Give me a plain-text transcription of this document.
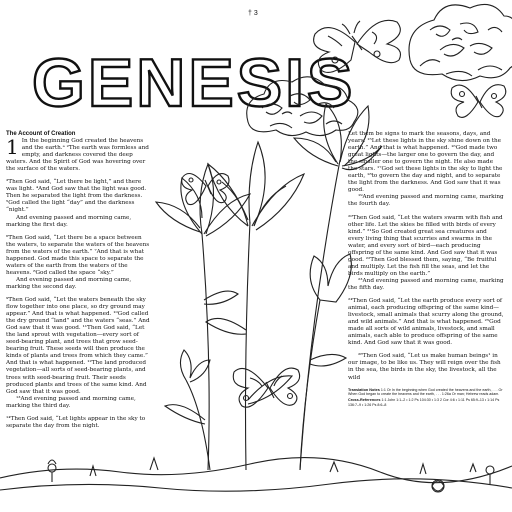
† 3
GENESIS
The Account of Creation

1 In the beginning God created the heavens and the earth.ᵃ ²The earth was formless and empty, and darkness covered the deep waters. And the Spirit of God was hovering over the surface of the waters.

³Then God said, “Let there be light,” and there was light. ⁴And God saw that the light was good. Then he separated the light from the darkness. ⁵God called the light “day” and the darkness “night.”
And evening passed and morning came, marking the first day.

⁶Then God said, “Let there be a space between the waters, to separate the waters of the heavens from the waters of the earth.” ⁷And that is what happened. God made this space to separate the waters of the earth from the waters of the heavens. ⁸God called the space “sky.”
And evening passed and morning came, marking the second day.

⁹Then God said, “Let the waters beneath the sky flow together into one place, so dry ground may appear.” And that is what happened. ¹⁰God called the dry ground “land” and the waters “seas.” And God saw that it was good. ¹¹Then God said, “Let the land sprout with vegetation—every sort of seed-bearing plant, and trees that grow seed-bearing fruit. These seeds will then produce the kinds of plants and trees from which they came.” And that is what happened. ¹²The land produced vegetation—all sorts of seed-bearing plants, and trees with seed-bearing fruit. Their seeds produced plants and trees of the same kind. And God saw that it was good.
¹³And evening passed and morning came, marking the third day.

¹⁴Then God said, “Let lights appear in the sky to separate the day from the night.

Let them be signs to mark the seasons, days, and years. ¹⁵Let these lights in the sky shine down on the earth.” And that is what happened. ¹⁶God made two great lights—the larger one to govern the day, and the smaller one to govern the night. He also made the stars. ¹⁷God set these lights in the sky to light the earth, ¹⁸to govern the day and night, and to separate the light from the darkness. And God saw that it was good.
¹⁹And evening passed and morning came, marking the fourth day.

²⁰Then God said, “Let the waters swarm with fish and other life. Let the skies be filled with birds of every kind.” ²¹So God created great sea creatures and every living thing that scurries and swarms in the water, and every sort of bird—each producing offspring of the same kind. And God saw that it was good. ²²Then God blessed them, saying, “Be fruitful and multiply. Let the fish fill the seas, and let the birds multiply on the earth.”
²³And evening passed and morning came, marking the fifth day.

²⁴Then God said, “Let the earth produce every sort of animal, each producing offspring of the same kind—livestock, small animals that scurry along the ground, and wild animals.” And that is what happened. ²⁵God made all sorts of wild animals, livestock, and small animals, each able to produce offspring of the same kind. And God saw that it was good.

²⁶Then God said, “Let us make human beings¹ in our image, to be like us. They will reign over the fish in the sea, the birds in the sky, the livestock, all the wild

Translation Notes 1:1 Or In the beginning when God created the heavens and the earth, . . . Or When God began to create the heavens and the earth, . . . 1:26a Or man; Hebrew reads adam.
Cross-References 1:1 John 1:1–2 • 1:2 Ps 104:30 • 1:3 2 Cor 4:6 • 1:11 Ps 65:9–13 • 1:14 Ps 136:7–9 • 1:26 Ps 8:6–8
